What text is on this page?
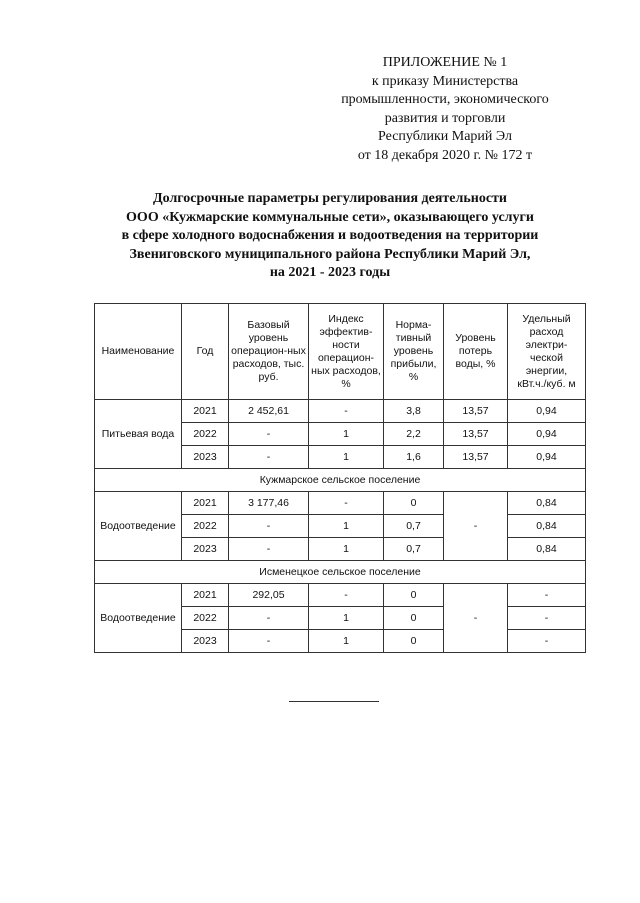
ПРИЛОЖЕНИЕ № 1
к приказу Министерства
промышленности, экономического
развития и торговли
Республики Марий Эл
от 18 декабря 2020 г. № 172 т
Долгосрочные параметры регулирования деятельности
ООО «Кужмарские коммунальные сети», оказывающего услуги
в сфере холодного водоснабжения и водоотведения на территории
Звениговского муниципального района Республики Марий Эл,
на 2021 - 2023 годы
Наименование	Год	Базовый уровень операцион-ных расходов, тыс. руб.	Индекс эффектив-ности операцион-ных расходов, %	Норма-тивный уровень прибыли, %	Уровень потерь воды, %	Удельный расход электри-ческой энергии, кВт.ч./куб. м
Питьевая вода	2021	2 452,61	-	3,8	13,57	0,94
	2022	-	1	2,2	13,57	0,94
	2023	-	1	1,6	13,57	0,94
Кужмарское сельское поселение						
Водоотведение	2021	3 177,46	-	0	-	0,84
	2022	-	1	0,7		0,84
	2023	-	1	0,7		0,84
Исменецкое сельское поселение						
Водоотведение	2021	292,05	-	0	-	-
	2022	-	1	0		-
	2023	-	1	0		-
